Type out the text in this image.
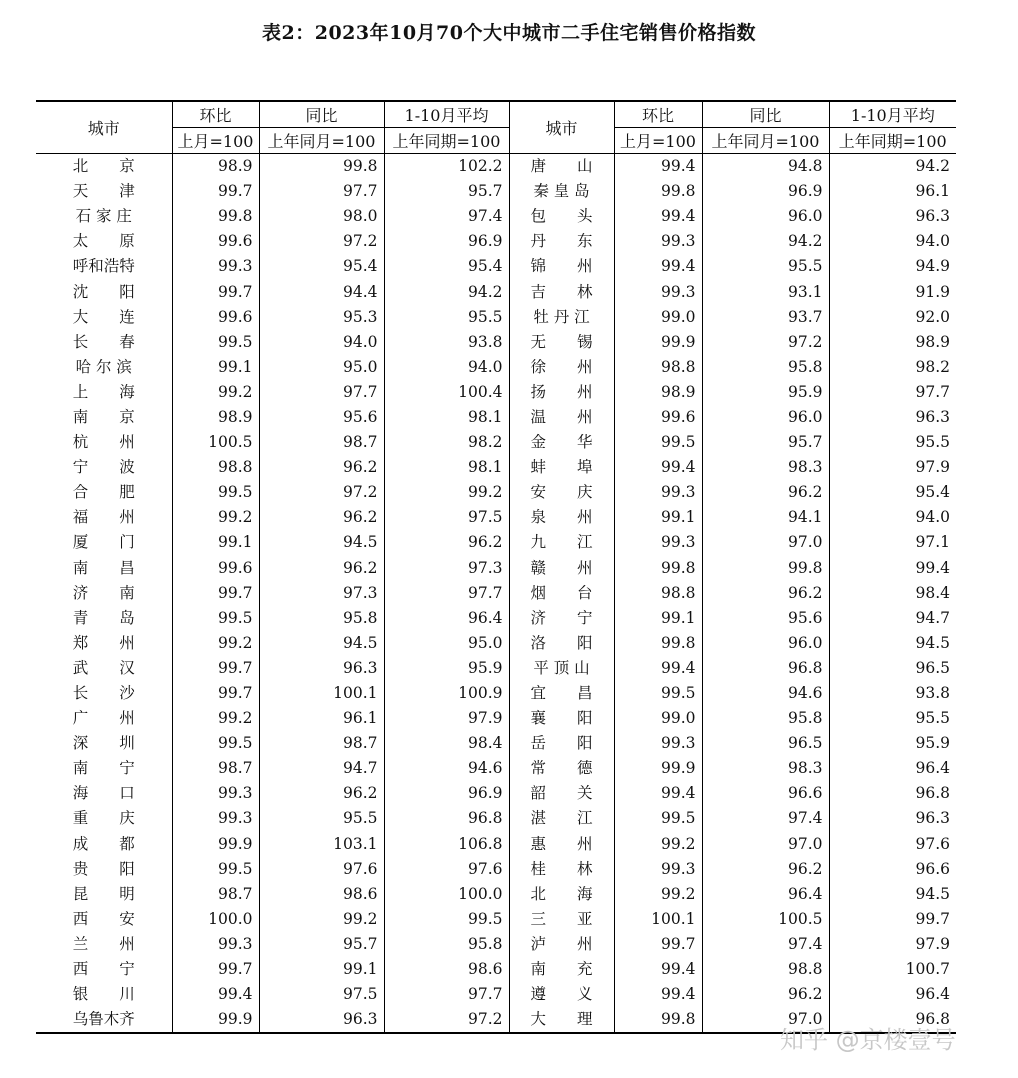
表2：2023年10月70个大中城市二手住宅销售价格指数
城市	环比	同比	1-10月平均	城市	环比	同比	1-10月平均
	上月=100	上年同月=100	上年同期=100		上月=100	上年同月=100	上年同期=100
北　　京	98.9	99.8	102.2	唐　　山	99.4	94.8	94.2
天　　津	99.7	97.7	95.7	秦 皇 岛	99.8	96.9	96.1
石 家 庄	99.8	98.0	97.4	包　　头	99.4	96.0	96.3
太　　原	99.6	97.2	96.9	丹　　东	99.3	94.2	94.0
呼和浩特	99.3	95.4	95.4	锦　　州	99.4	95.5	94.9
沈　　阳	99.7	94.4	94.2	吉　　林	99.3	93.1	91.9
大　　连	99.6	95.3	95.5	牡 丹 江	99.0	93.7	92.0
长　　春	99.5	94.0	93.8	无　　锡	99.9	97.2	98.9
哈 尔 滨	99.1	95.0	94.0	徐　　州	98.8	95.8	98.2
上　　海	99.2	97.7	100.4	扬　　州	98.9	95.9	97.7
南　　京	98.9	95.6	98.1	温　　州	99.6	96.0	96.3
杭　　州	100.5	98.7	98.2	金　　华	99.5	95.7	95.5
宁　　波	98.8	96.2	98.1	蚌　　埠	99.4	98.3	97.9
合　　肥	99.5	97.2	99.2	安　　庆	99.3	96.2	95.4
福　　州	99.2	96.2	97.5	泉　　州	99.1	94.1	94.0
厦　　门	99.1	94.5	96.2	九　　江	99.3	97.0	97.1
南　　昌	99.6	96.2	97.3	赣　　州	99.8	99.8	99.4
济　　南	99.7	97.3	97.7	烟　　台	98.8	96.2	98.4
青　　岛	99.5	95.8	96.4	济　　宁	99.1	95.6	94.7
郑　　州	99.2	94.5	95.0	洛　　阳	99.8	96.0	94.5
武　　汉	99.7	96.3	95.9	平 顶 山	99.4	96.8	96.5
长　　沙	99.7	100.1	100.9	宜　　昌	99.5	94.6	93.8
广　　州	99.2	96.1	97.9	襄　　阳	99.0	95.8	95.5
深　　圳	99.5	98.7	98.4	岳　　阳	99.3	96.5	95.9
南　　宁	98.7	94.7	94.6	常　　德	99.9	98.3	96.4
海　　口	99.3	96.2	96.9	韶　　关	99.4	96.6	96.8
重　　庆	99.3	95.5	96.8	湛　　江	99.5	97.4	96.3
成　　都	99.9	103.1	106.8	惠　　州	99.2	97.0	97.6
贵　　阳	99.5	97.6	97.6	桂　　林	99.3	96.2	96.6
昆　　明	98.7	98.6	100.0	北　　海	99.2	96.4	94.5
西　　安	100.0	99.2	99.5	三　　亚	100.1	100.5	99.7
兰　　州	99.3	95.7	95.8	泸　　州	99.7	97.4	97.9
西　　宁	99.7	99.1	98.6	南　　充	99.4	98.8	100.7
银　　川	99.4	97.5	97.7	遵　　义	99.4	96.2	96.4
乌鲁木齐	99.9	96.3	97.2	大　　理	99.8	97.0	96.8
知乎 @京楼壹号
